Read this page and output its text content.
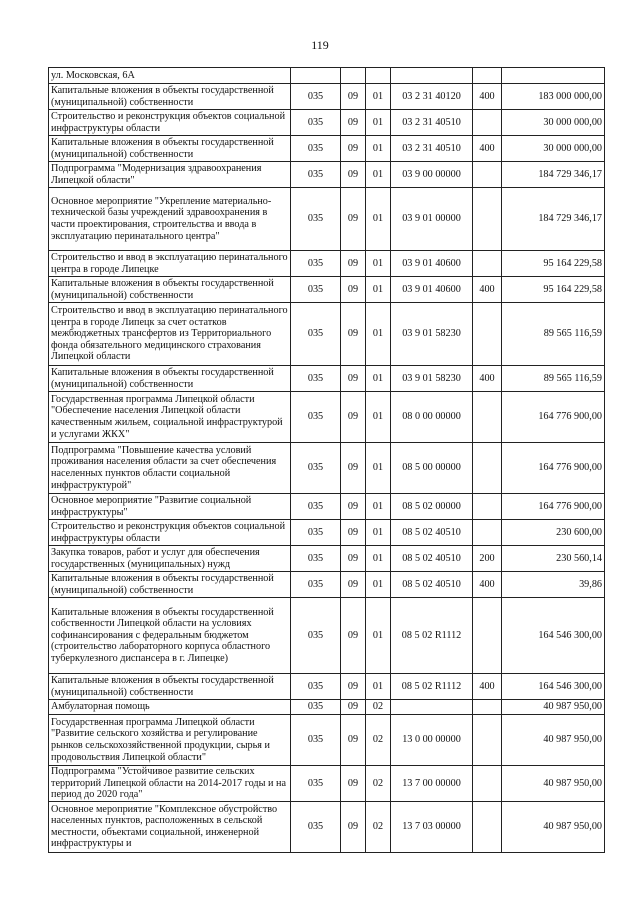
119
ул. Московская, 6А						
Капитальные вложения в объекты государственной (муниципальной) собственности	035	09	01	03 2 31 40120	400	183 000 000,00
Строительство и реконструкция объектов социальной инфраструктуры области	035	09	01	03 2 31 40510		30 000 000,00
Капитальные вложения в объекты государственной (муниципальной) собственности	035	09	01	03 2 31 40510	400	30 000 000,00
Подпрограмма "Модернизация здравоохранения Липецкой области"	035	09	01	03 9 00 00000		184 729 346,17
Основное мероприятие "Укрепление материально-технической базы учреждений здравоохранения в части проектирования, строительства и ввода в эксплуатацию перинатального центра"	035	09	01	03 9 01 00000		184 729 346,17
Строительство и ввод в эксплуатацию перинатального центра в городе Липецке	035	09	01	03 9 01 40600		95 164 229,58
Капитальные вложения в объекты государственной (муниципальной) собственности	035	09	01	03 9 01 40600	400	95 164 229,58
Строительство и ввод в эксплуатацию перинатального центра в городе Липецк за счет остатков межбюджетных трансфертов из Территориального фонда обязательного медицинского страхования Липецкой области	035	09	01	03 9 01 58230		89 565 116,59
Капитальные вложения в объекты государственной (муниципальной) собственности	035	09	01	03 9 01 58230	400	89 565 116,59
Государственная программа Липецкой области "Обеспечение населения Липецкой области качественным жильем, социальной инфраструктурой и услугами ЖКХ"	035	09	01	08 0 00 00000		164 776 900,00
Подпрограмма "Повышение качества условий проживания населения области за счет обеспечения населенных пунктов области социальной инфраструктурой"	035	09	01	08 5 00 00000		164 776 900,00
Основное мероприятие "Развитие социальной инфраструктуры"	035	09	01	08 5 02 00000		164 776 900,00
Строительство и реконструкция объектов социальной инфраструктуры области	035	09	01	08 5 02 40510		230 600,00
Закупка товаров, работ и услуг для обеспечения государственных (муниципальных) нужд	035	09	01	08 5 02 40510	200	230 560,14
Капитальные вложения в объекты государственной (муниципальной) собственности	035	09	01	08 5 02 40510	400	39,86
Капитальные вложения в объекты государственной собственности Липецкой области на условиях софинансирования с федеральным бюджетом (строительство лабораторного корпуса областного туберкулезного диспансера в г. Липецке)	035	09	01	08 5 02 R1112		164 546 300,00
Капитальные вложения в объекты государственной (муниципальной) собственности	035	09	01	08 5 02 R1112	400	164 546 300,00
Амбулаторная помощь	035	09	02			40 987 950,00
Государственная программа Липецкой области "Развитие сельского хозяйства и регулирование рынков сельскохозяйственной продукции, сырья и продовольствия Липецкой области"	035	09	02	13 0 00 00000		40 987 950,00
Подпрограмма "Устойчивое развитие сельских территорий Липецкой области на 2014-2017 годы и на период до 2020 года"	035	09	02	13 7 00 00000		40 987 950,00
Основное мероприятие "Комплексное обустройство населенных пунктов, расположенных в сельской местности, объектами социальной, инженерной инфраструктуры и	035	09	02	13 7 03 00000		40 987 950,00
